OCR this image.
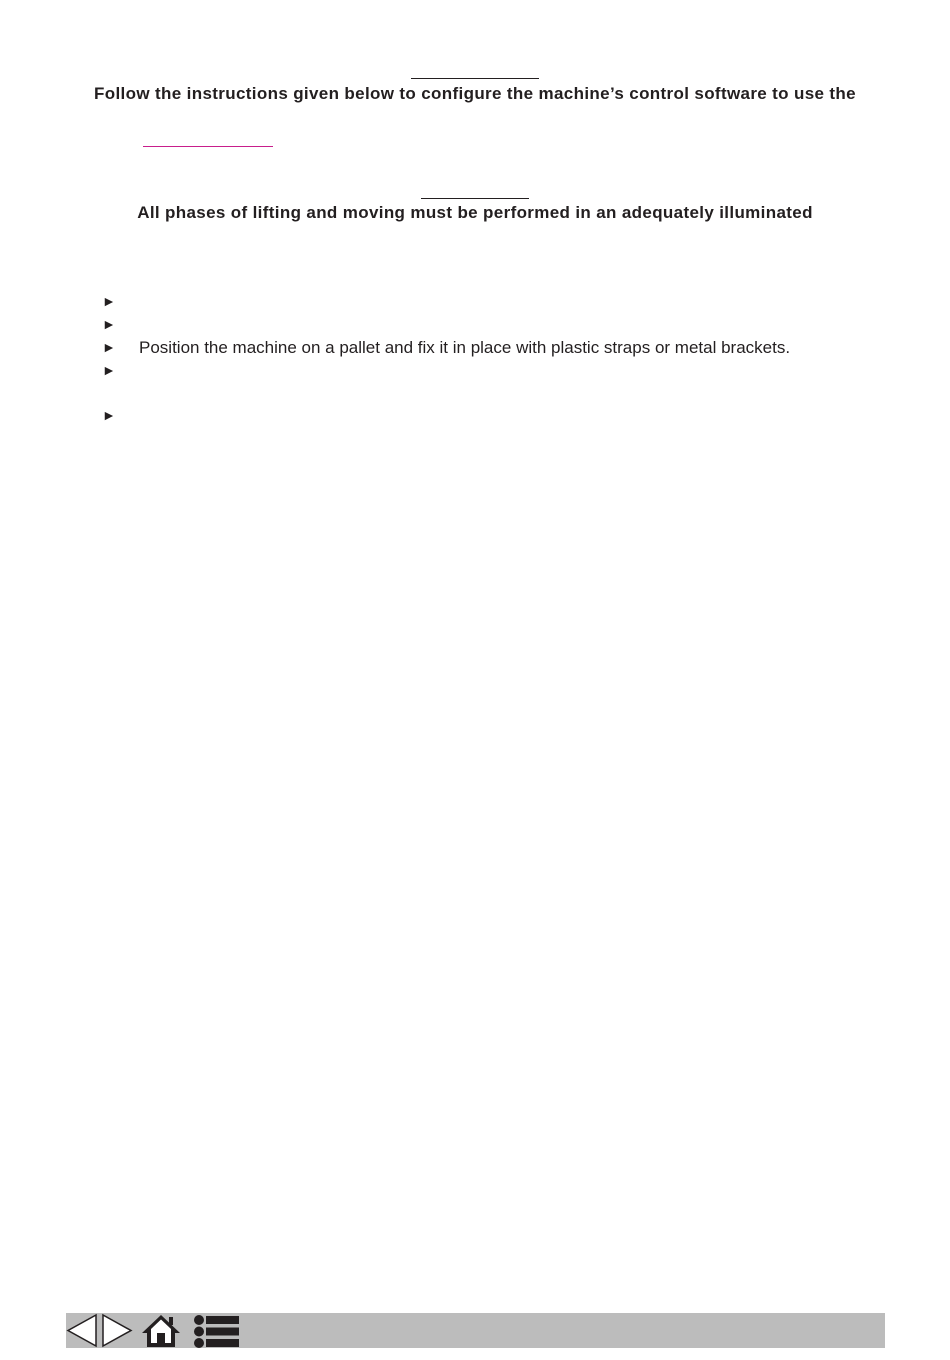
Follow the instructions given below to configure the machine’s control software to use the
All phases of lifting and moving must be performed in an adequately illuminated
►
►
► Position the machine on a pallet and fix it in place with plastic straps or metal brackets.
►
►
